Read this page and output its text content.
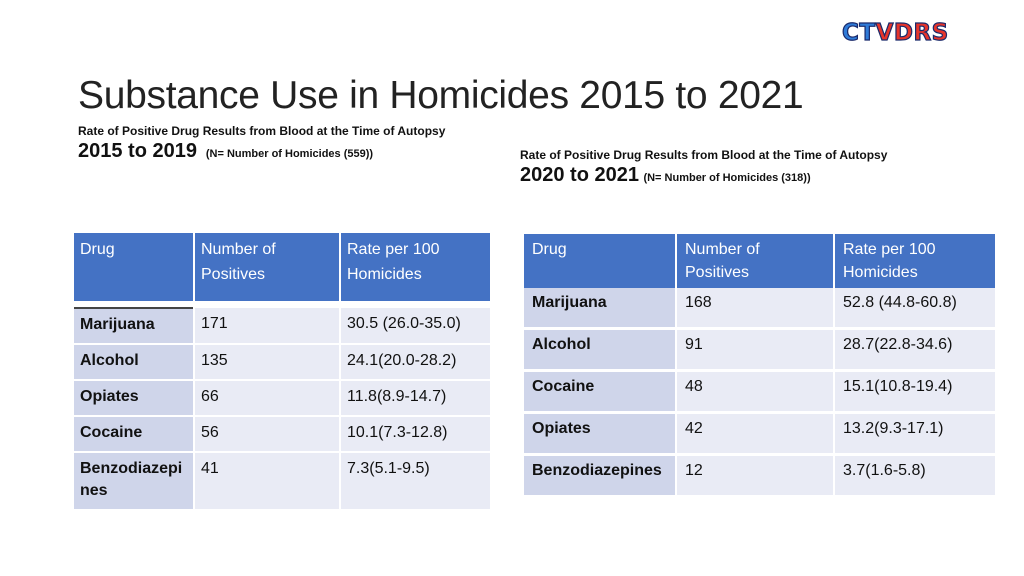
CTVDRS
Substance Use in Homicides 2015 to 2021
Rate of Positive Drug Results from Blood at the Time of Autopsy
2015 to 2019 (N= Number of Homicides (559))	Rate of Positive Drug Results from Blood at the Time of Autopsy
2020 to 2021 (N= Number of Homicides (318))
Drug	Number of Positives	Rate per 100 Homicides

Marijuana	171	30.5 (26.0-35.0)
Alcohol	135	24.1(20.0-28.2)
Opiates	66	11.8(8.9-14.7)
Cocaine	56	10.1(7.3-12.8)
Benzodiazepines	41	7.3(5.1-9.5)
Drug	Number of Positives	Rate per 100 Homicides
Marijuana	168	52.8 (44.8-60.8)
Alcohol	91	28.7(22.8-34.6)
Cocaine	48	15.1(10.8-19.4)
Opiates	42	13.2(9.3-17.1)
Benzodiazepines	12	3.7(1.6-5.8)
